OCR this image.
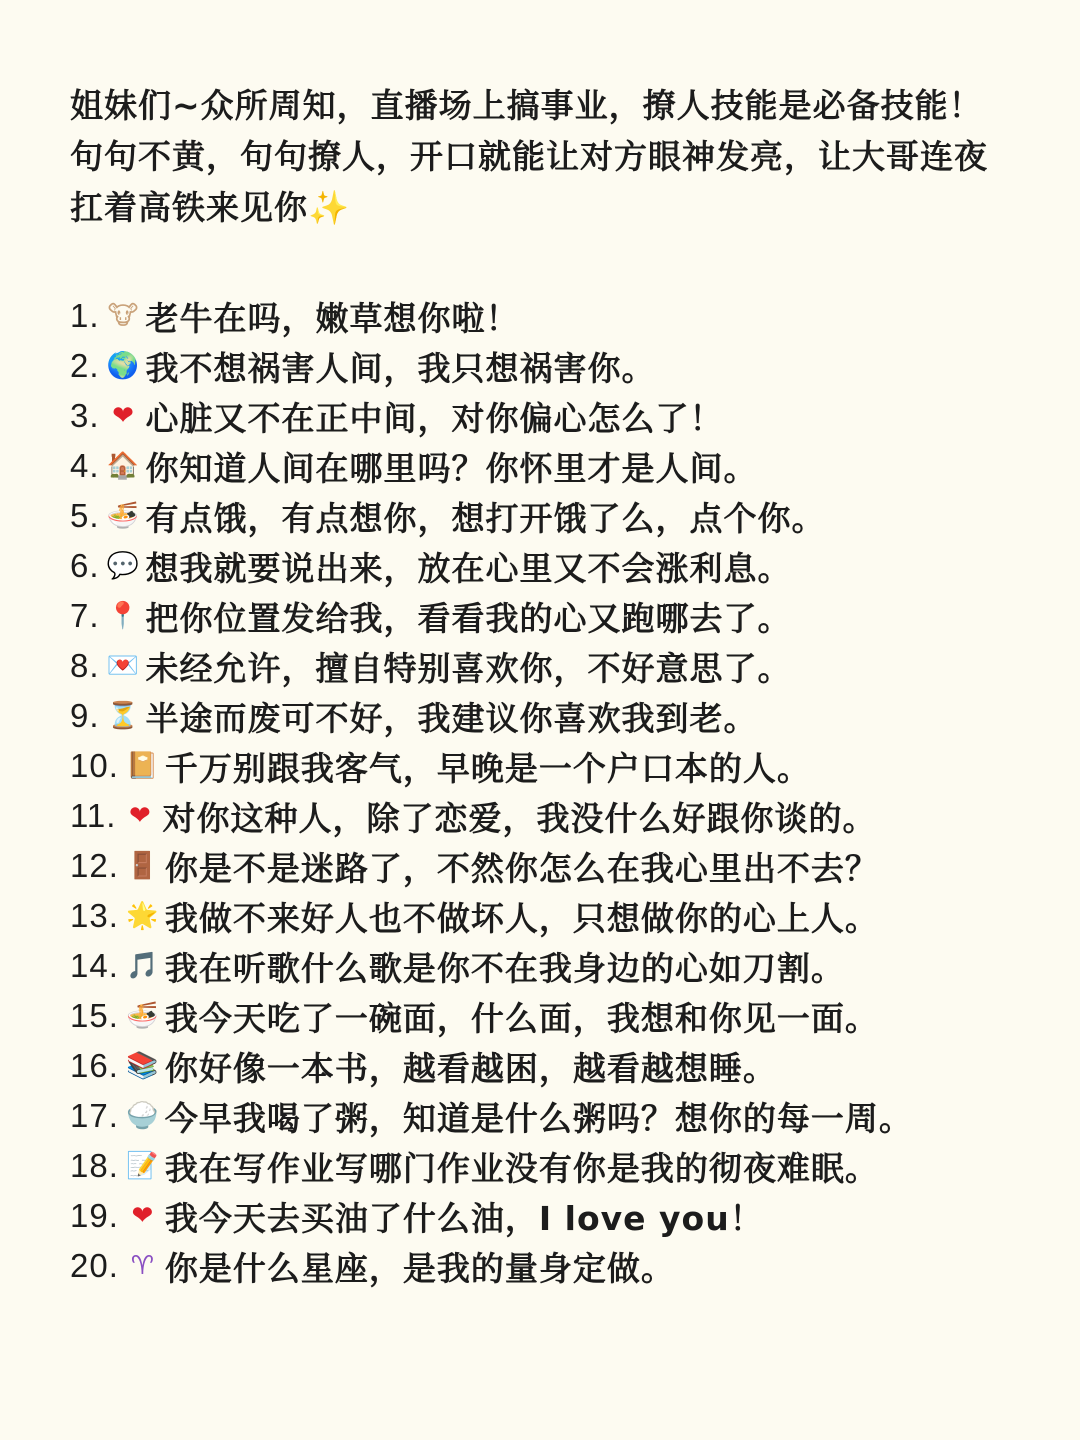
姐妹们~众所周知，直播场上搞事业，撩人技能是必备技能！ 句句不黄，句句撩人，开口就能让对方眼神发亮，让大哥连夜扛着高铁来见你✨

1. 🐮 老牛在吗，嫩草想你啦！
2. 🌍 我不想祸害人间，我只想祸害你。
3. ❤ 心脏又不在正中间，对你偏心怎么了！
4. 🏠 你知道人间在哪里吗？你怀里才是人间。
5. 🍜 有点饿，有点想你，想打开饿了么，点个你。
6. 💬 想我就要说出来，放在心里又不会涨利息。
7. 📍 把你位置发给我，看看我的心又跑哪去了。
8. 💌 未经允许，擅自特别喜欢你，不好意思了。
9. ⏳ 半途而废可不好，我建议你喜欢我到老。
10. 📔 千万别跟我客气，早晚是一个户口本的人。
11. ❤ 对你这种人，除了恋爱，我没什么好跟你谈的。
12. 🚪 你是不是迷路了，不然你怎么在我心里出不去？
13. 🌟 我做不来好人也不做坏人，只想做你的心上人。
14. 🎵 我在听歌什么歌是你不在我身边的心如刀割。
15. 🍜 我今天吃了一碗面，什么面，我想和你见一面。
16. 📚 你好像一本书，越看越困，越看越想睡。
17. 🍚 今早我喝了粥，知道是什么粥吗？想你的每一周。
18. 📝 我在写作业写哪门作业没有你是我的彻夜难眠。
19. ❤ 我今天去买油了什么油，I love you！
20. ♈ 你是什么星座，是我的量身定做。
